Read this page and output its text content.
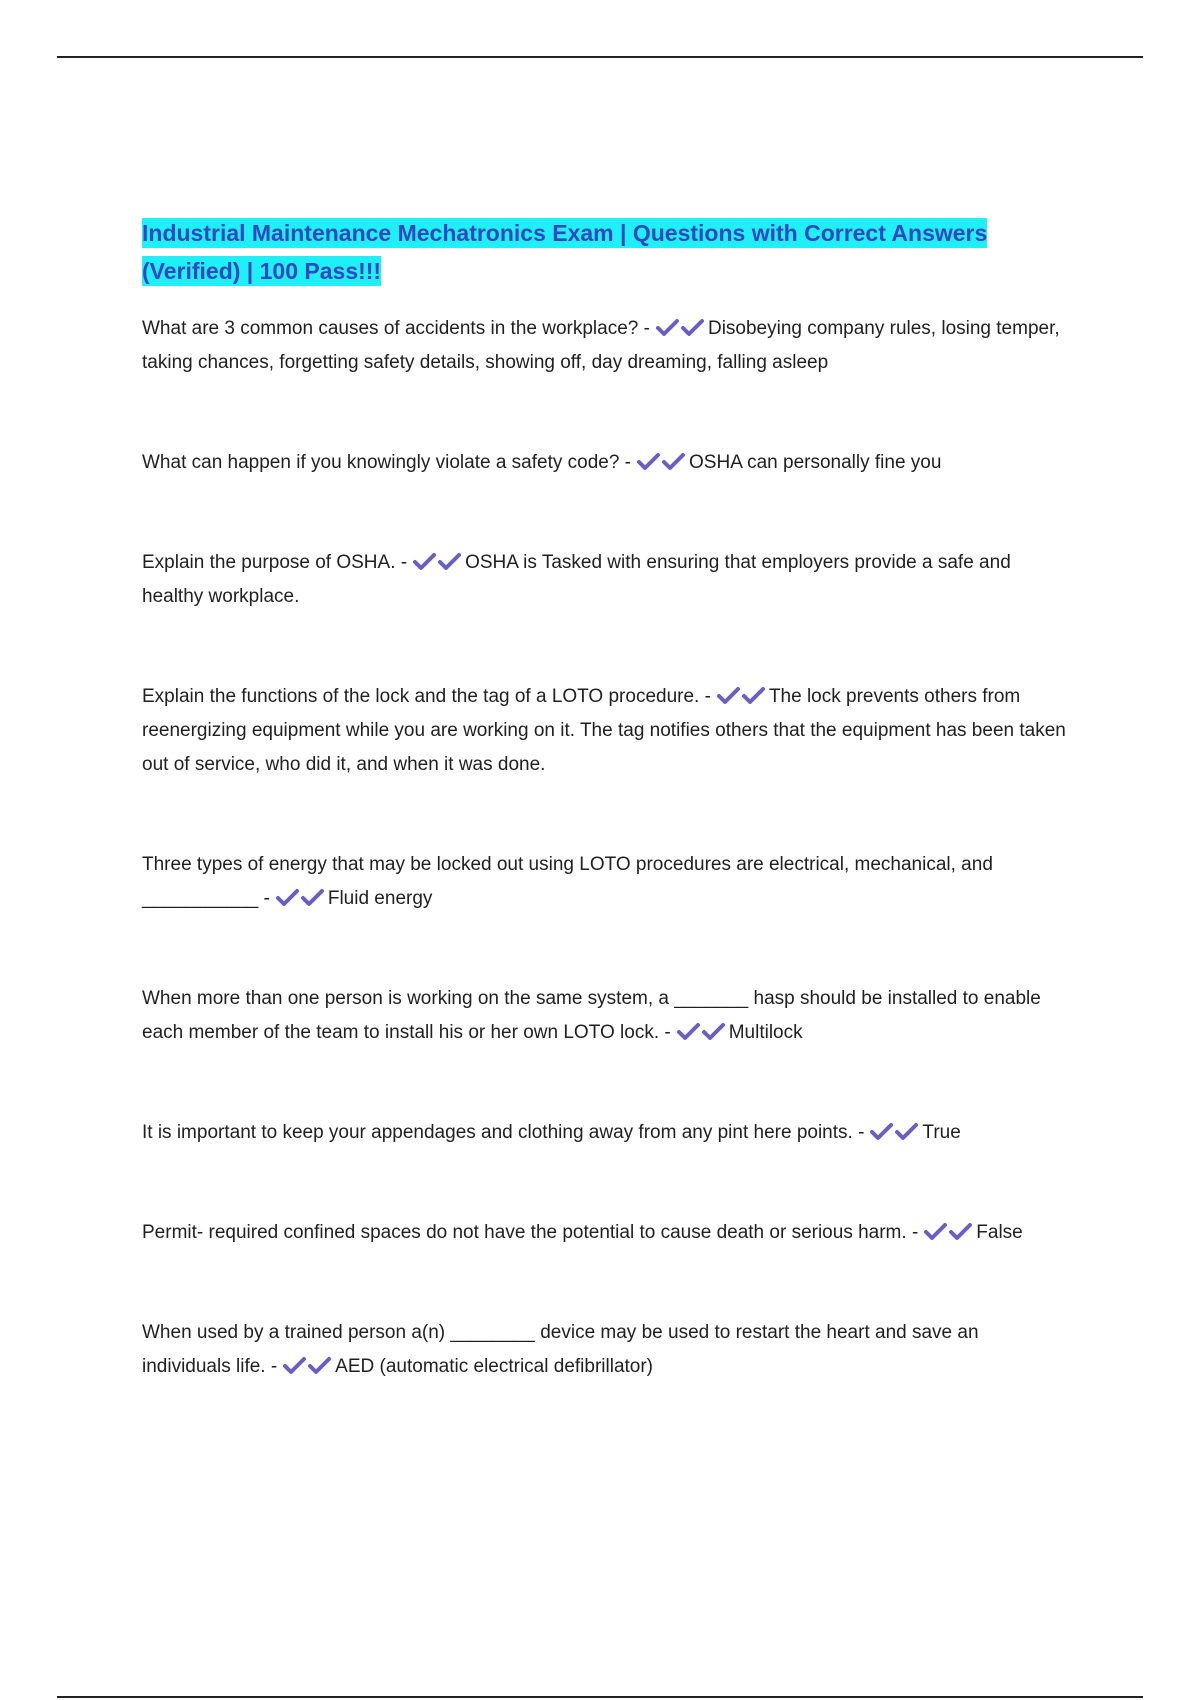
Industrial Maintenance Mechatronics Exam | Questions with Correct Answers (Verified) | 100 Pass!!!

What are 3 common causes of accidents in the workplace? -	Disobeying company rules, losing temper, taking chances, forgetting safety details, showing off, day dreaming, falling asleep

What can happen if you knowingly violate a safety code? -	OSHA can personally fine you

Explain the purpose of OSHA. -	OSHA is Tasked with ensuring that employers provide a safe and healthy workplace.

Explain the functions of the lock and the tag of a LOTO procedure. -	The lock prevents others from reenergizing equipment while you are working on it. The tag notifies others that the equipment has been taken out of service, who did it, and when it was done.

Three types of energy that may be locked out using LOTO procedures are electrical, mechanical, and ___________ -	Fluid energy

When more than one person is working on the same system, a _______ hasp should be installed to enable each member of the team to install his or her own LOTO lock. -	Multilock

It is important to keep your appendages and clothing away from any pint here points. -	True

Permit- required confined spaces do not have the potential to cause death or serious harm. -	False

When used by a trained person a(n) ________ device may be used to restart the heart and save an individuals life. -	AED (automatic electrical defibrillator)
